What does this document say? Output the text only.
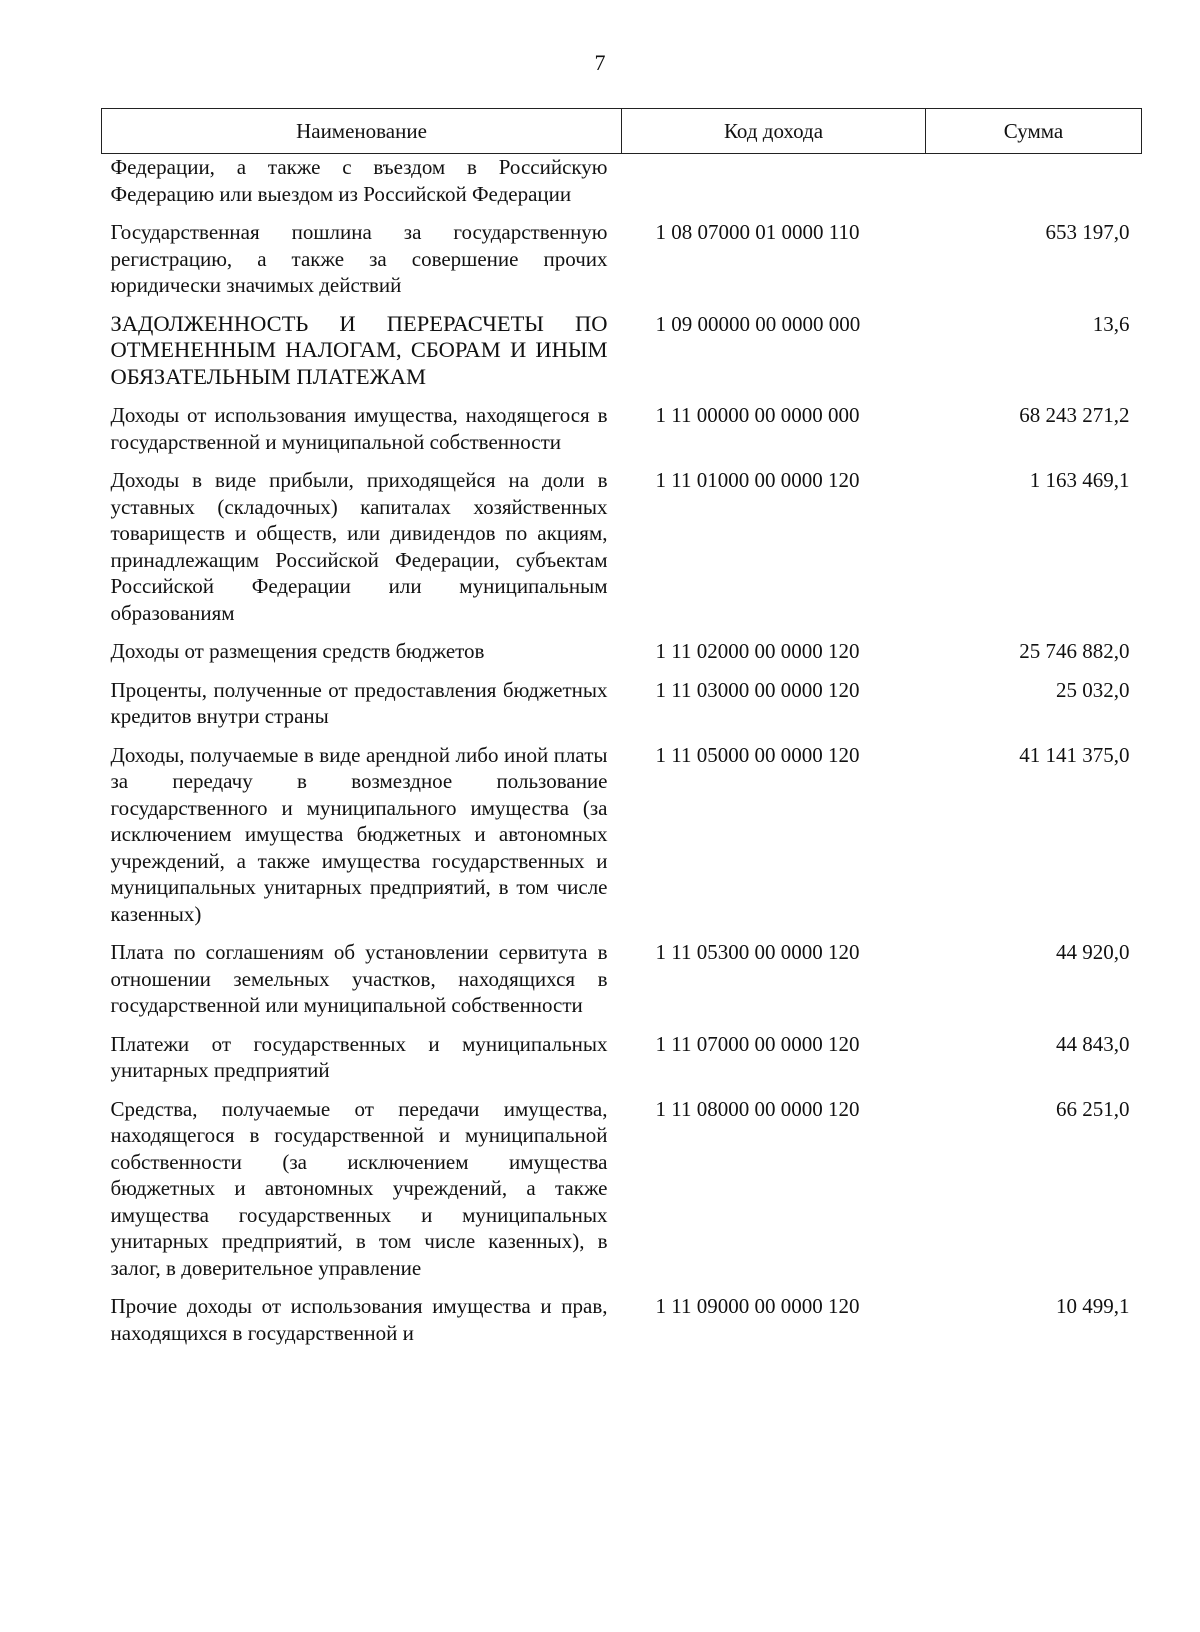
7
Наименование	Код дохода	Сумма
Федерации, а также с въездом в Российскую Федерацию или выездом из Российской Федерации		
Государственная пошлина за государственную регистрацию, а также за совершение прочих юридически значимых действий	1 08 07000 01 0000 110	653 197,0
ЗАДОЛЖЕННОСТЬ И ПЕРЕРАСЧЕТЫ ПО ОТМЕНЕННЫМ НАЛОГАМ, СБОРАМ И ИНЫМ ОБЯЗАТЕЛЬНЫМ ПЛАТЕЖАМ	1 09 00000 00 0000 000	13,6
Доходы от использования имущества, находящегося в государственной и муниципальной собственности	1 11 00000 00 0000 000	68 243 271,2
Доходы в виде прибыли, приходящейся на доли в уставных (складочных) капиталах хозяйственных товариществ и обществ, или дивидендов по акциям, принадлежащим Российской Федерации, субъектам Российской Федерации или муниципальным образованиям	1 11 01000 00 0000 120	1 163 469,1
Доходы от размещения средств бюджетов	1 11 02000 00 0000 120	25 746 882,0
Проценты, полученные от предоставления бюджетных кредитов внутри страны	1 11 03000 00 0000 120	25 032,0
Доходы, получаемые в виде арендной либо иной платы за передачу в возмездное пользование государственного и муниципального имущества (за исключением имущества бюджетных и автономных учреждений, а также имущества государственных и муниципальных унитарных предприятий, в том числе казенных)	1 11 05000 00 0000 120	41 141 375,0
Плата по соглашениям об установлении сервитута в отношении земельных участков, находящихся в государственной или муниципальной собственности	1 11 05300 00 0000 120	44 920,0
Платежи от государственных и муниципальных унитарных предприятий	1 11 07000 00 0000 120	44 843,0
Средства, получаемые от передачи имущества, находящегося в государственной и муниципальной собственности (за исключением имущества бюджетных и автономных учреждений, а также имущества государственных и муниципальных унитарных предприятий, в том числе казенных), в залог, в доверительное управление	1 11 08000 00 0000 120	66 251,0
Прочие доходы от использования имущества и прав, находящихся в государственной и	1 11 09000 00 0000 120	10 499,1
